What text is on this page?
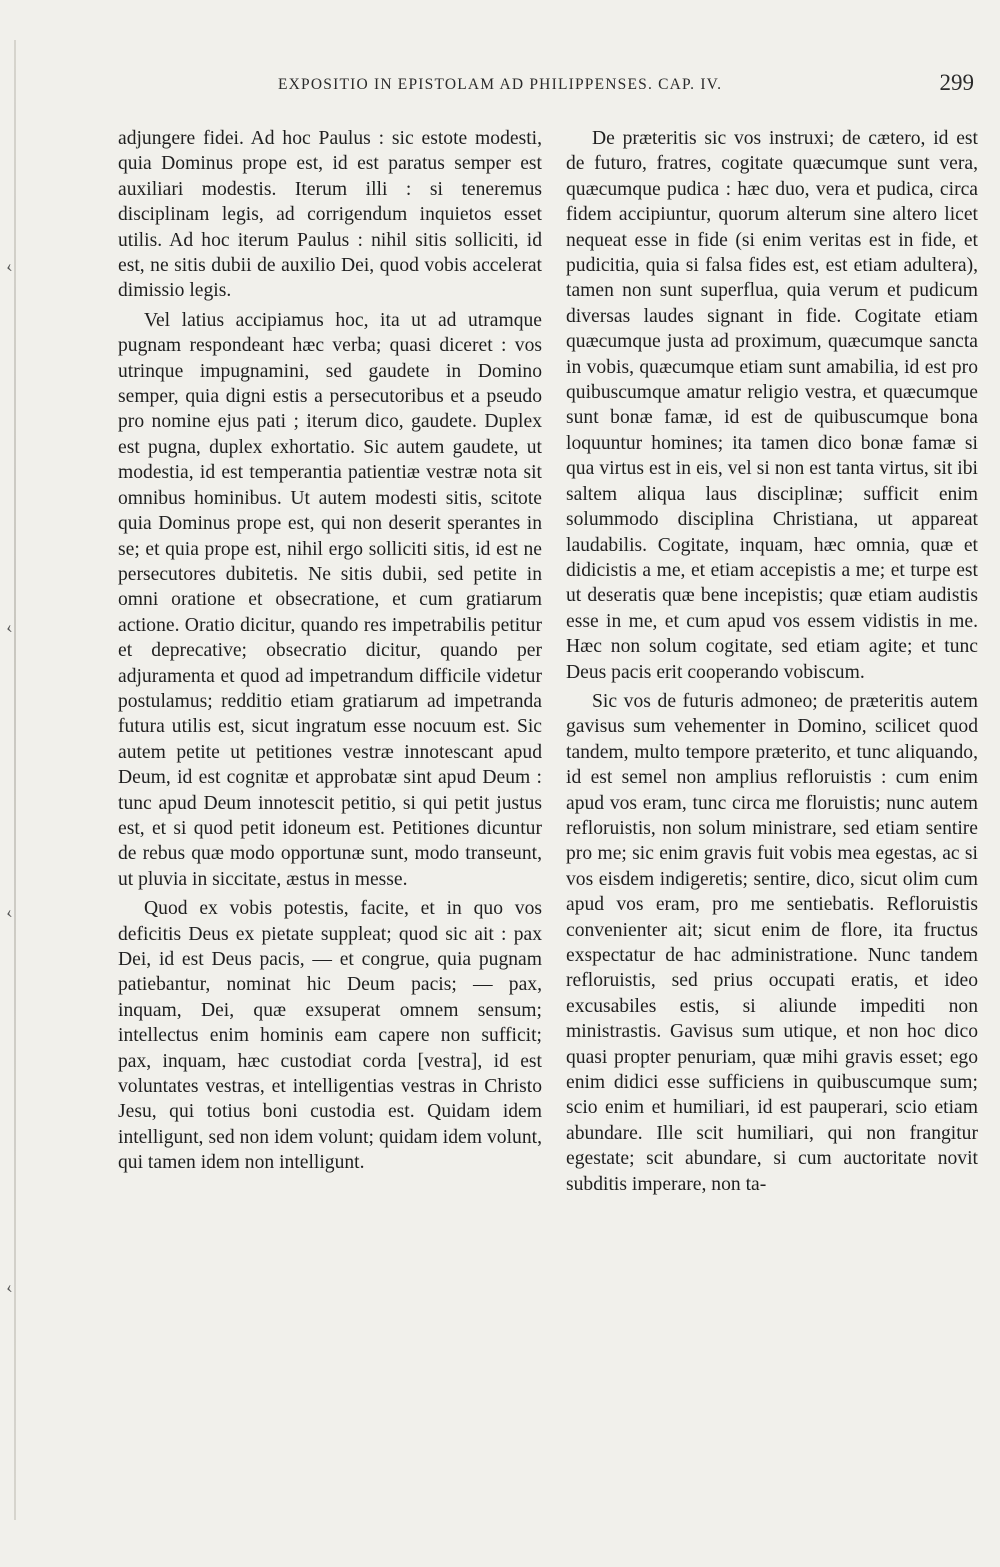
‹
‹
‹
‹
EXPOSITIO IN EPISTOLAM AD PHILIPPENSES. CAP. IV.	299

adjungere fidei. Ad hoc Paulus : sic estote modesti, quia Dominus prope est, id est paratus semper est auxiliari modestis. Iterum illi : si teneremus disciplinam legis, ad corrigendum inquietos esset utilis. Ad hoc iterum Paulus : nihil sitis solliciti, id est, ne sitis dubii de auxilio Dei, quod vobis accelerat dimissio legis.

Vel latius accipiamus hoc, ita ut ad utramque pugnam respondeant hæc verba; quasi diceret : vos utrinque impugnamini, sed gaudete in Domino semper, quia digni estis a persecutoribus et a pseudo pro nomine ejus pati ; iterum dico, gaudete. Duplex est pugna, duplex exhortatio. Sic autem gaudete, ut modestia, id est temperantia patientiæ vestræ nota sit omnibus hominibus. Ut autem modesti sitis, scitote quia Dominus prope est, qui non deserit sperantes in se; et quia prope est, nihil ergo solliciti sitis, id est ne persecutores dubitetis. Ne sitis dubii, sed petite in omni oratione et obsecratione, et cum gratiarum actione. Oratio dicitur, quando res impetrabilis petitur et deprecative; obsecratio dicitur, quando per adjuramenta et quod ad impetrandum difficile videtur postulamus; redditio etiam gratiarum ad impetranda futura utilis est, sicut ingratum esse nocuum est. Sic autem petite ut petitiones vestræ innotescant apud Deum, id est cognitæ et approbatæ sint apud Deum : tunc apud Deum innotescit petitio, si qui petit justus est, et si quod petit idoneum est. Petitiones dicuntur de rebus quæ modo opportunæ sunt, modo transeunt, ut pluvia in siccitate, æstus in messe.

Quod ex vobis potestis, facite, et in quo vos deficitis Deus ex pietate suppleat; quod sic ait : pax Dei, id est Deus pacis, — et congrue, quia pugnam patiebantur, nominat hic Deum pacis; — pax, inquam, Dei, quæ exsuperat omnem sensum; intellectus enim hominis eam capere non sufficit; pax, inquam, hæc custodiat corda [vestra], id est voluntates vestras, et intelligentias vestras in Christo Jesu, qui totius boni custodia est. Quidam idem intelligunt, sed non idem volunt; quidam idem volunt, qui tamen idem non intelligunt.

De præteritis sic vos instruxi; de cætero, id est de futuro, fratres, cogitate quæcumque sunt vera, quæcumque pudica : hæc duo, vera et pudica, circa fidem accipiuntur, quorum alterum sine altero licet nequeat esse in fide (si enim veritas est in fide, et pudicitia, quia si falsa fides est, est etiam adultera), tamen non sunt superflua, quia verum et pudicum diversas laudes signant in fide. Cogitate etiam quæcumque justa ad proximum, quæcumque sancta in vobis, quæcumque etiam sunt amabilia, id est pro quibuscumque amatur religio vestra, et quæcumque sunt bonæ famæ, id est de quibuscumque bona loquuntur homines; ita tamen dico bonæ famæ si qua virtus est in eis, vel si non est tanta virtus, sit ibi saltem aliqua laus disciplinæ; sufficit enim solummodo disciplina Christiana, ut appareat laudabilis. Cogitate, inquam, hæc omnia, quæ et didicistis a me, et etiam accepistis a me; et turpe est ut deseratis quæ bene incepistis; quæ etiam audistis esse in me, et cum apud vos essem vidistis in me. Hæc non solum cogitate, sed etiam agite; et tunc Deus pacis erit cooperando vobiscum.

Sic vos de futuris admoneo; de præteritis autem gavisus sum vehementer in Domino, scilicet quod tandem, multo tempore præterito, et tunc aliquando, id est semel non amplius refloruistis : cum enim apud vos eram, tunc circa me floruistis; nunc autem refloruistis, non solum ministrare, sed etiam sentire pro me; sic enim gravis fuit vobis mea egestas, ac si vos eisdem indigeretis; sentire, dico, sicut olim cum apud vos eram, pro me sentiebatis. Refloruistis convenienter ait; sicut enim de flore, ita fructus exspectatur de hac administratione. Nunc tandem refloruistis, sed prius occupati eratis, et ideo excusabiles estis, si aliunde impediti non ministrastis. Gavisus sum utique, et non hoc dico quasi propter penuriam, quæ mihi gravis esset; ego enim didici esse sufficiens in quibuscumque sum; scio enim et humiliari, id est pauperari, scio etiam abundare. Ille scit humiliari, qui non frangitur egestate; scit abundare, si cum auctoritate novit subditis imperare, non ta-
